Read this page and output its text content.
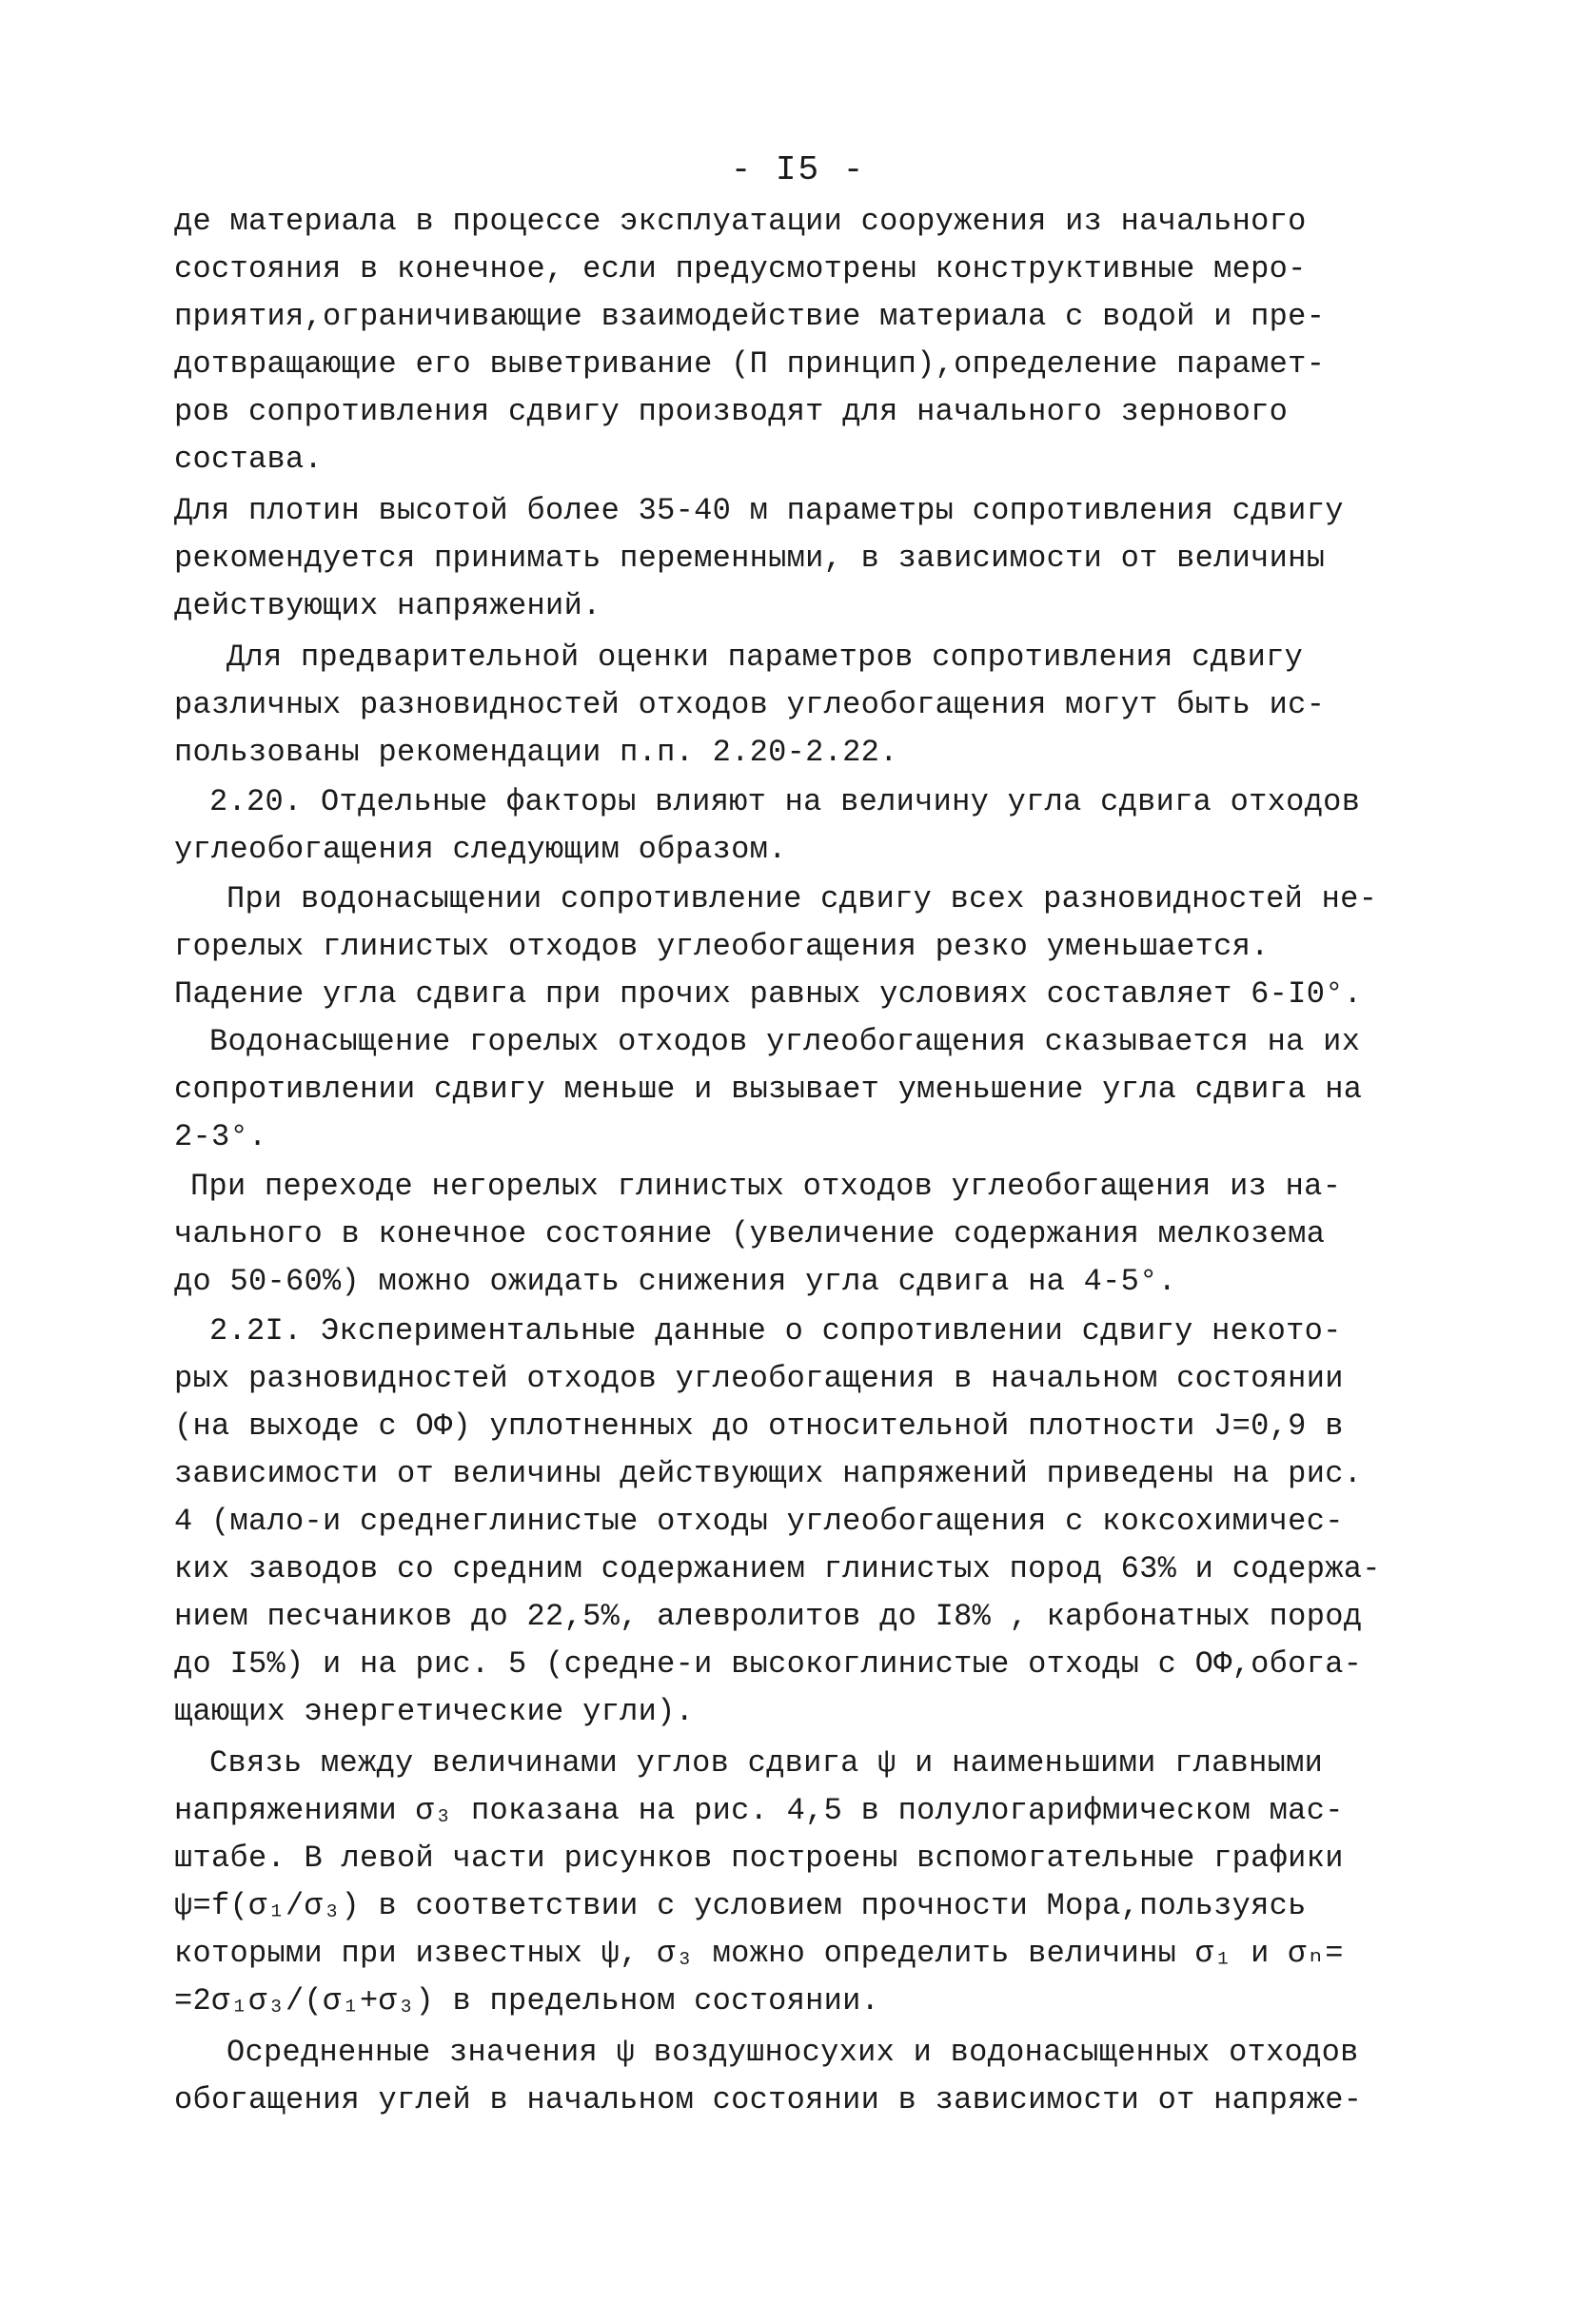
- I5 -
де материала в процессе эксплуатации сооружения из начального
состояния в конечное, если предусмотрены конструктивные меро-
приятия,ограничивающие взаимодействие материала с водой и пре-
дотвращающие его выветривание (П принцип),определение парамет-
ров сопротивления сдвигу производят для начального зернового
состава.
Для плотин высотой более 35-40 м параметры сопротивления сдвигу
рекомендуется принимать переменными, в зависимости от величины
действующих напряжений.
Для предварительной оценки параметров сопротивления сдвигу
различных разновидностей отходов углеобогащения могут быть ис-
пользованы рекомендации п.п. 2.20-2.22.
2.20. Отдельные факторы влияют на величину угла сдвига отходов
углеобогащения следующим образом.
При водонасыщении сопротивление сдвигу всех разновидностей не-
горелых глинистых отходов углеобогащения резко уменьшается.
Падение угла сдвига при прочих равных условиях составляет 6-I0°.
Водонасыщение горелых отходов углеобогащения сказывается на их
сопротивлении сдвигу меньше и вызывает уменьшение угла сдвига на
2-3°.
При переходе негорелых глинистых отходов углеобогащения из на-
чального в конечное состояние (увеличение содержания мелкозема
до 50-60%) можно ожидать снижения угла сдвига на 4-5°.
2.2I. Экспериментальные данные о сопротивлении сдвигу некото-
рых разновидностей отходов углеобогащения в начальном состоянии
(на выходе с ОФ) уплотненных до относительной плотности J=0,9 в
зависимости от величины действующих напряжений приведены на рис.
4 (мало-и среднеглинистые отходы углеобогащения с коксохимичес-
ких заводов со средним содержанием глинистых пород 63% и содержа-
нием песчаников до 22,5%, алевролитов до I8% , карбонатных пород
до I5%) и на рис. 5 (средне-и высокоглинистые отходы с ОФ,обога-
щающих энергетические угли).
Связь между величинами углов сдвига ψ и наименьшими главными
напряжениями σ₃ показана на рис. 4,5 в полулогарифмическом мас-
штабе. В левой части рисунков построены вспомогательные графики
ψ=f(σ₁/σ₃) в соответствии с условием прочности Мора,пользуясь
которыми при известных ψ, σ₃ можно определить величины σ₁ и σₙ=
=2σ₁σ₃/(σ₁+σ₃) в предельном состоянии.
Осредненные значения ψ воздушносухих и водонасыщенных отходов
обогащения углей в начальном состоянии в зависимости от напряже-
